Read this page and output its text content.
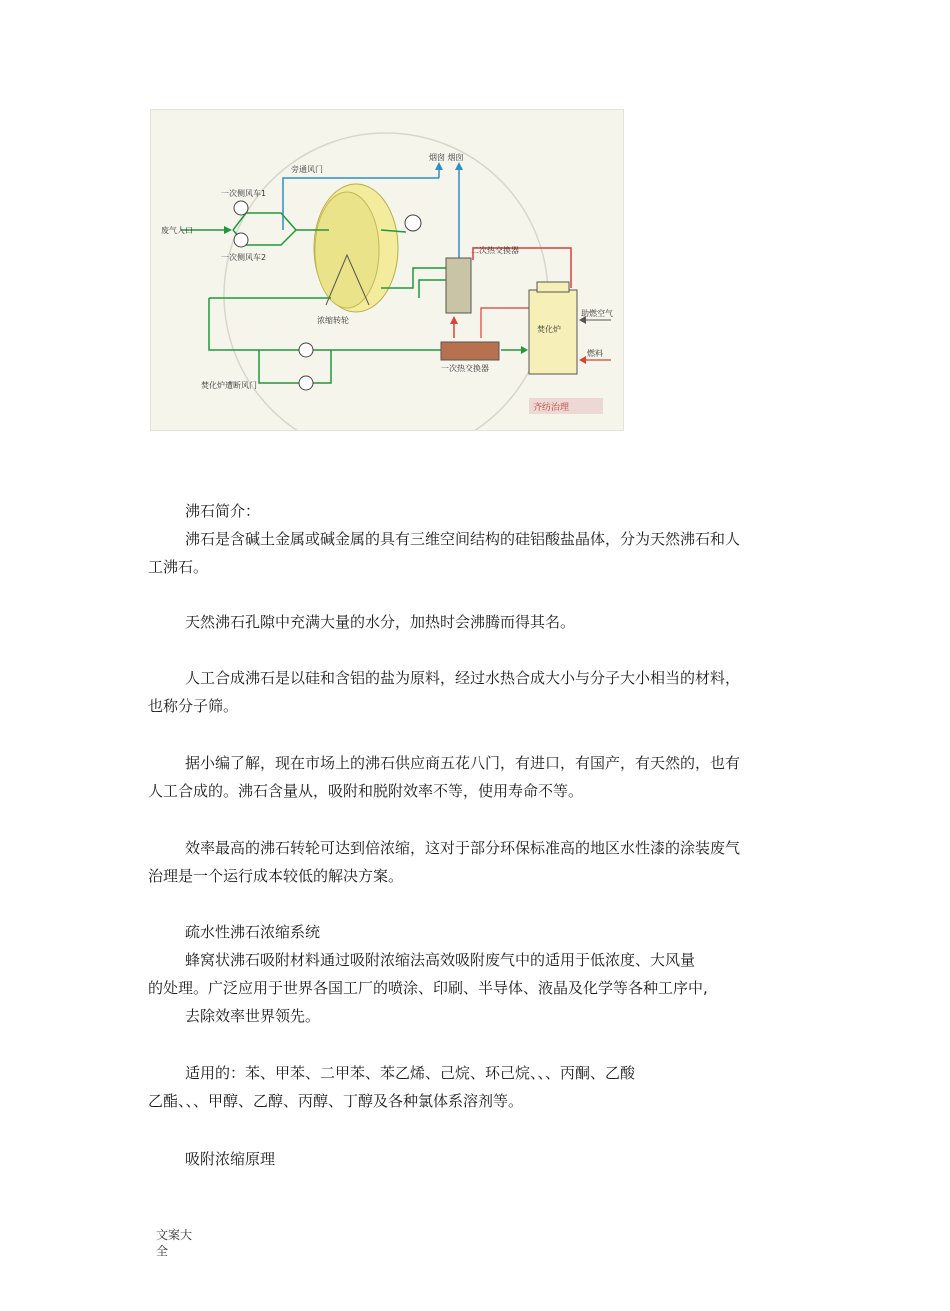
旁通风门
烟囱 烟囱
一次侧风车1
一次侧风车2
废气人口
二次热交换器
浓缩转轮
一次热交换器
焚化炉
助燃空气
燃料
焚化炉遭断风门
齐纺治理

沸石简介：

沸石是含碱土金属或碱金属的具有三维空间结构的硅铝酸盐晶体，分为天然沸石和人
工沸石。

天然沸石孔隙中充满大量的水分，加热时会沸腾而得其名。
人工合成沸石是以硅和含铝的盐为原料，经过水热合成大小与分子大小相当的材料，
也称分子筛。
据小编了解，现在市场上的沸石供应商五花八门，有进口，有国产，有天然的，也有
人工合成的。沸石含量从，吸附和脱附效率不等，使用寿命不等。
效率最高的沸石转轮可达到倍浓缩，这对于部分环保标准高的地区水性漆的涂装废气
治理是一个运行成本较低的解决方案。
疏水性沸石浓缩系统
蜂窝状沸石吸附材料通过吸附浓缩法高效吸附废气中的适用于低浓度、大风量
的处理。广泛应用于世界各国工厂的喷涂、印刷、半导体、液晶及化学等各种工序中,
去除效率世界领先。
适用的：苯、甲苯、二甲苯、苯乙烯、己烷、环己烷、、、丙酮、乙酸
乙酯、、、甲醇、乙醇、丙醇、丁醇及各种氯体系溶剂等。
吸附浓缩原理
文案大
全
